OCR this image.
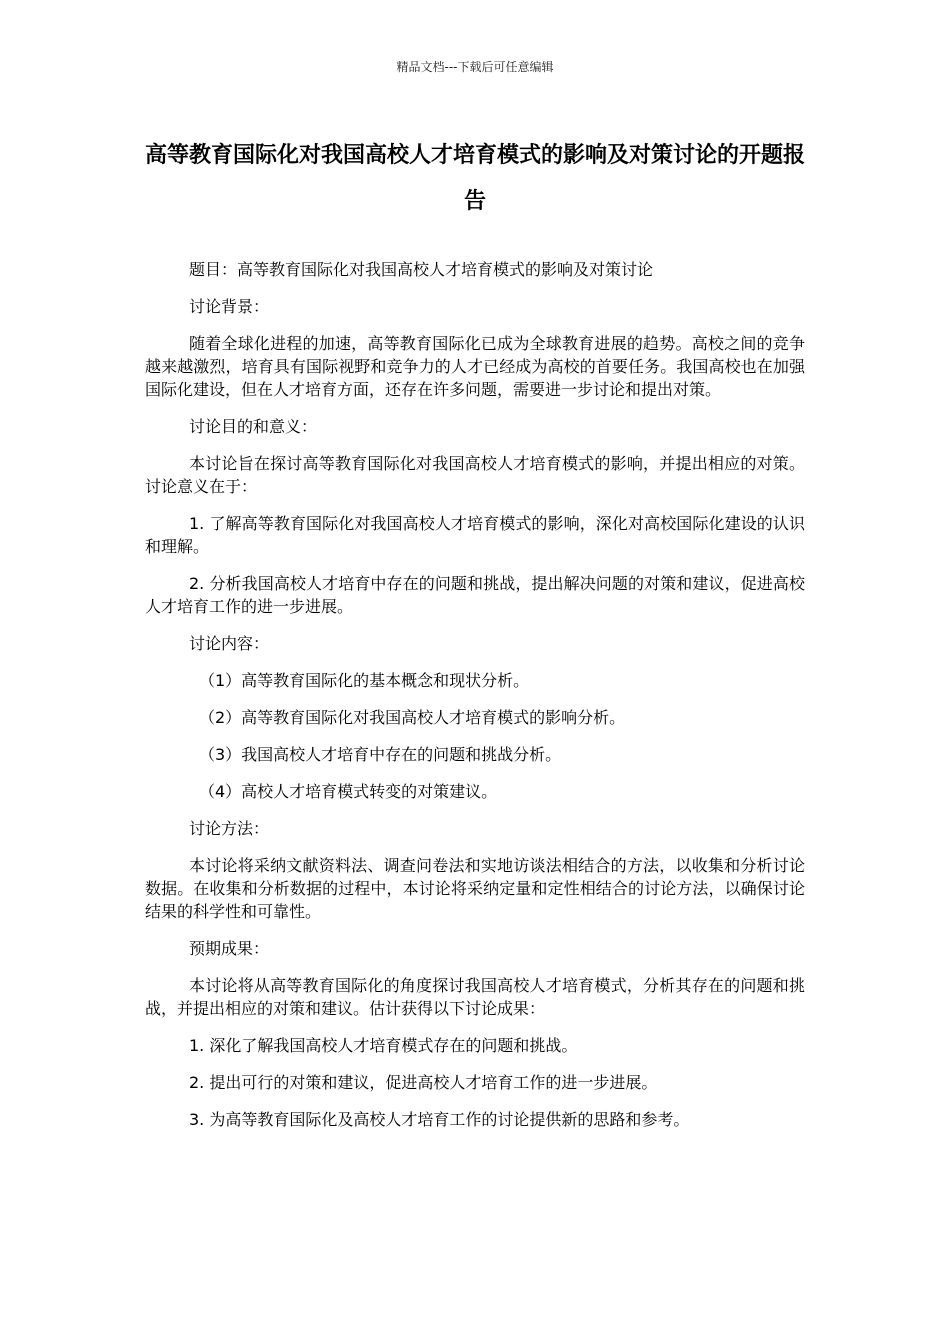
精品文档---下载后可任意编辑
高等教育国际化对我国高校人才培育模式的影响及对策讨论的开题报告

题目：高等教育国际化对我国高校人才培育模式的影响及对策讨论

讨论背景：

随着全球化进程的加速，高等教育国际化已成为全球教育进展的趋势。高校之间的竞争越来越激烈，培育具有国际视野和竞争力的人才已经成为高校的首要任务。我国高校也在加强国际化建设，但在人才培育方面，还存在许多问题，需要进一步讨论和提出对策。

讨论目的和意义：

本讨论旨在探讨高等教育国际化对我国高校人才培育模式的影响，并提出相应的对策。讨论意义在于：

1. 了解高等教育国际化对我国高校人才培育模式的影响，深化对高校国际化建设的认识和理解。

2. 分析我国高校人才培育中存在的问题和挑战，提出解决问题的对策和建议，促进高校人才培育工作的进一步进展。

讨论内容：

（1）高等教育国际化的基本概念和现状分析。

（2）高等教育国际化对我国高校人才培育模式的影响分析。

（3）我国高校人才培育中存在的问题和挑战分析。

（4）高校人才培育模式转变的对策建议。

讨论方法：

本讨论将采纳文献资料法、调查问卷法和实地访谈法相结合的方法，以收集和分析讨论数据。在收集和分析数据的过程中，本讨论将采纳定量和定性相结合的讨论方法，以确保讨论结果的科学性和可靠性。

预期成果：

本讨论将从高等教育国际化的角度探讨我国高校人才培育模式，分析其存在的问题和挑战，并提出相应的对策和建议。估计获得以下讨论成果：

1. 深化了解我国高校人才培育模式存在的问题和挑战。

2. 提出可行的对策和建议，促进高校人才培育工作的进一步进展。

3. 为高等教育国际化及高校人才培育工作的讨论提供新的思路和参考。
